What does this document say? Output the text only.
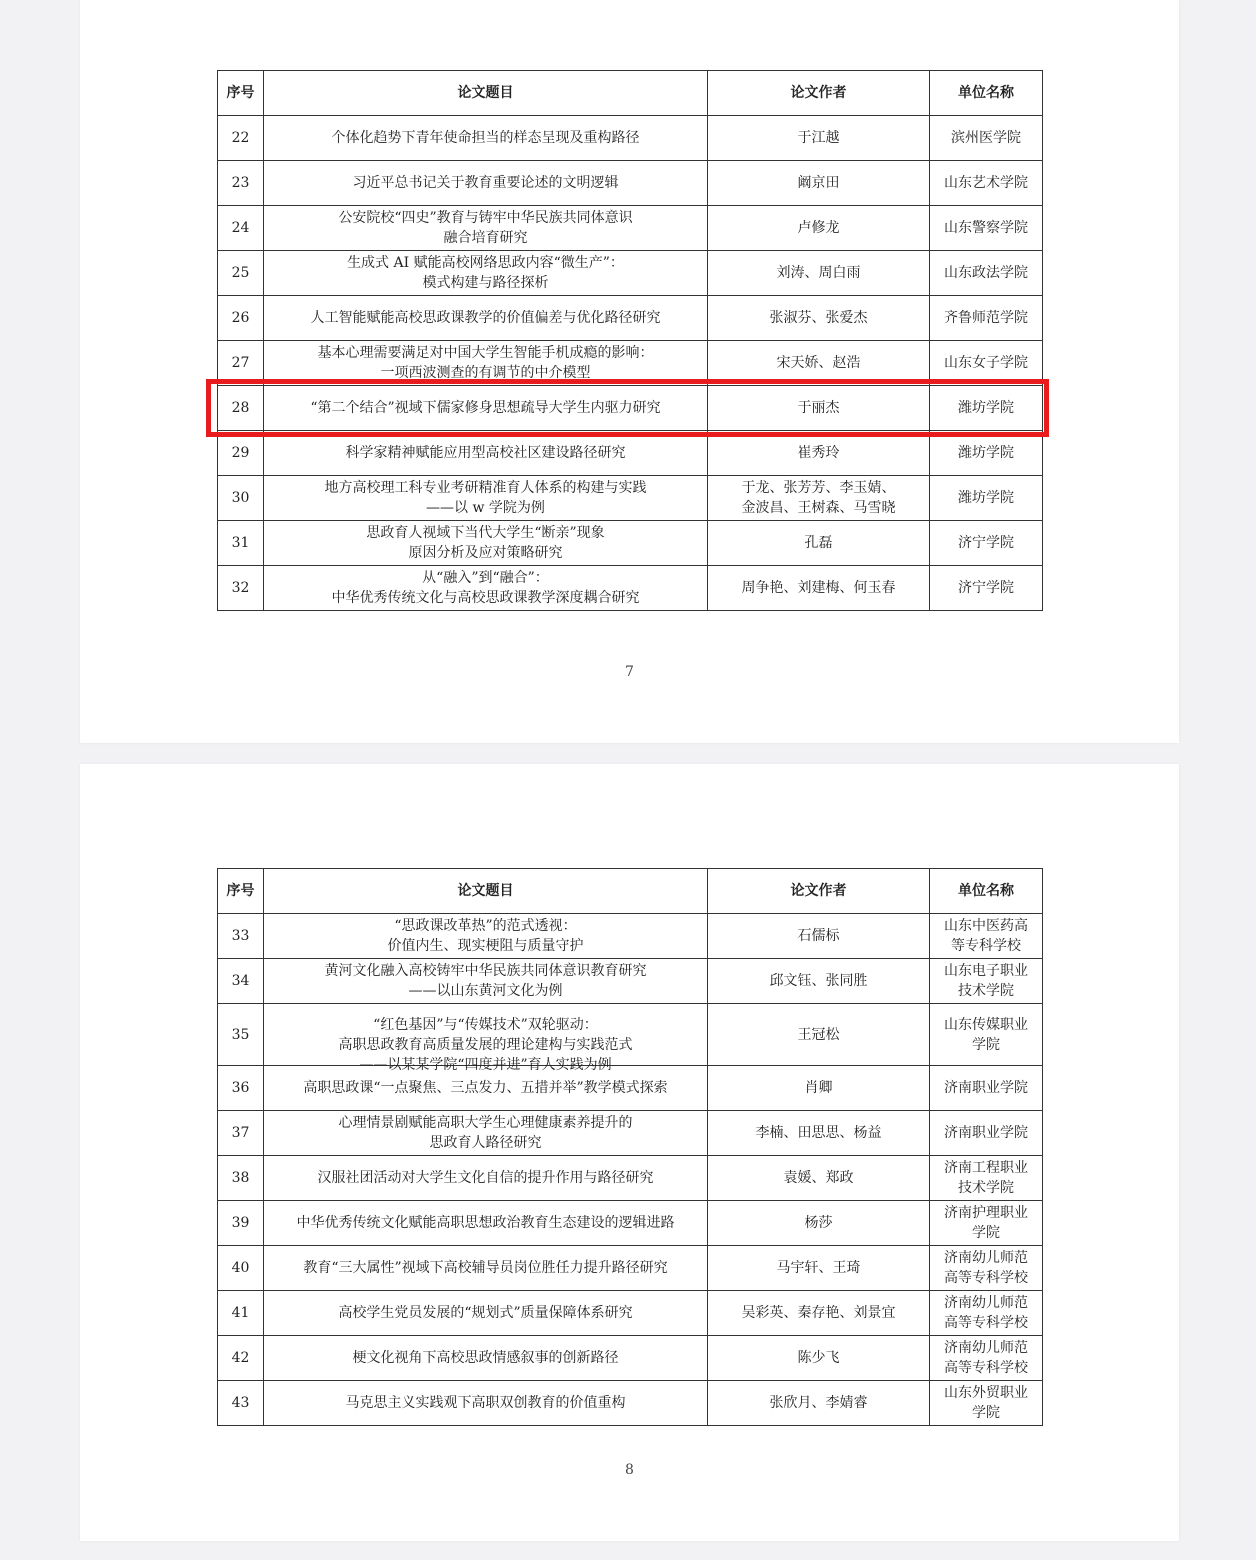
序号	论文题目	论文作者	单位名称

22	个体化趋势下青年使命担当的样态呈现及重构路径	于江越	滨州医学院

23	习近平总书记关于教育重要论述的文明逻辑	阚京田	山东艺术学院

24	公安院校“四史”教育与铸牢中华民族共同体意识
融合培育研究	卢修龙	山东警察学院

25	生成式 AI 赋能高校网络思政内容“微生产”：
模式构建与路径探析	刘涛、周白雨	山东政法学院

26	人工智能赋能高校思政课教学的价值偏差与优化路径研究	张淑芬、张爱杰	齐鲁师范学院

27	基本心理需要满足对中国大学生智能手机成瘾的影响：
一项西波测查的有调节的中介模型	宋天娇、赵浩	山东女子学院

28	“第二个结合”视域下儒家修身思想疏导大学生内驱力研究	于丽杰	潍坊学院

29	科学家精神赋能应用型高校社区建设路径研究	崔秀玲	潍坊学院

30	地方高校理工科专业考研精准育人体系的构建与实践
——以 w 学院为例	于龙、张芳芳、李玉婧、
金波昌、王树森、马雪晓	潍坊学院

31	思政育人视域下当代大学生“断亲”现象
原因分析及应对策略研究	孔磊	济宁学院

32	从“融入”到“融合”：
中华优秀传统文化与高校思政课教学深度耦合研究	周争艳、刘建梅、何玉春	济宁学院
7
序号	论文题目	论文作者	单位名称

33	“思政课改革热”的范式透视：
价值内生、现实梗阻与质量守护	石儒标	山东中医药高
等专科学校

34	黄河文化融入高校铸牢中华民族共同体意识教育研究
——以山东黄河文化为例	邱文钰、张同胜	山东电子职业
技术学院

35	“红色基因”与“传媒技术”双轮驱动：
高职思政教育高质量发展的理论建构与实践范式
——以某某学院“四度并进”育人实践为例	王冠松	山东传媒职业
学院

36	高职思政课“一点聚焦、三点发力、五措并举”教学模式探索	肖卿	济南职业学院

37	心理情景剧赋能高职大学生心理健康素养提升的
思政育人路径研究	李楠、田思思、杨益	济南职业学院

38	汉服社团活动对大学生文化自信的提升作用与路径研究	袁媛、郑政	济南工程职业
技术学院

39	中华优秀传统文化赋能高职思想政治教育生态建设的逻辑进路	杨莎	济南护理职业
学院

40	教育“三大属性”视域下高校辅导员岗位胜任力提升路径研究	马宇轩、王琦	济南幼儿师范
高等专科学校

41	高校学生党员发展的“规划式”质量保障体系研究	吴彩英、秦存艳、刘景宜	济南幼儿师范
高等专科学校

42	梗文化视角下高校思政情感叙事的创新路径	陈少飞	济南幼儿师范
高等专科学校

43	马克思主义实践观下高职双创教育的价值重构	张欣月、李婧睿	山东外贸职业
学院
8
